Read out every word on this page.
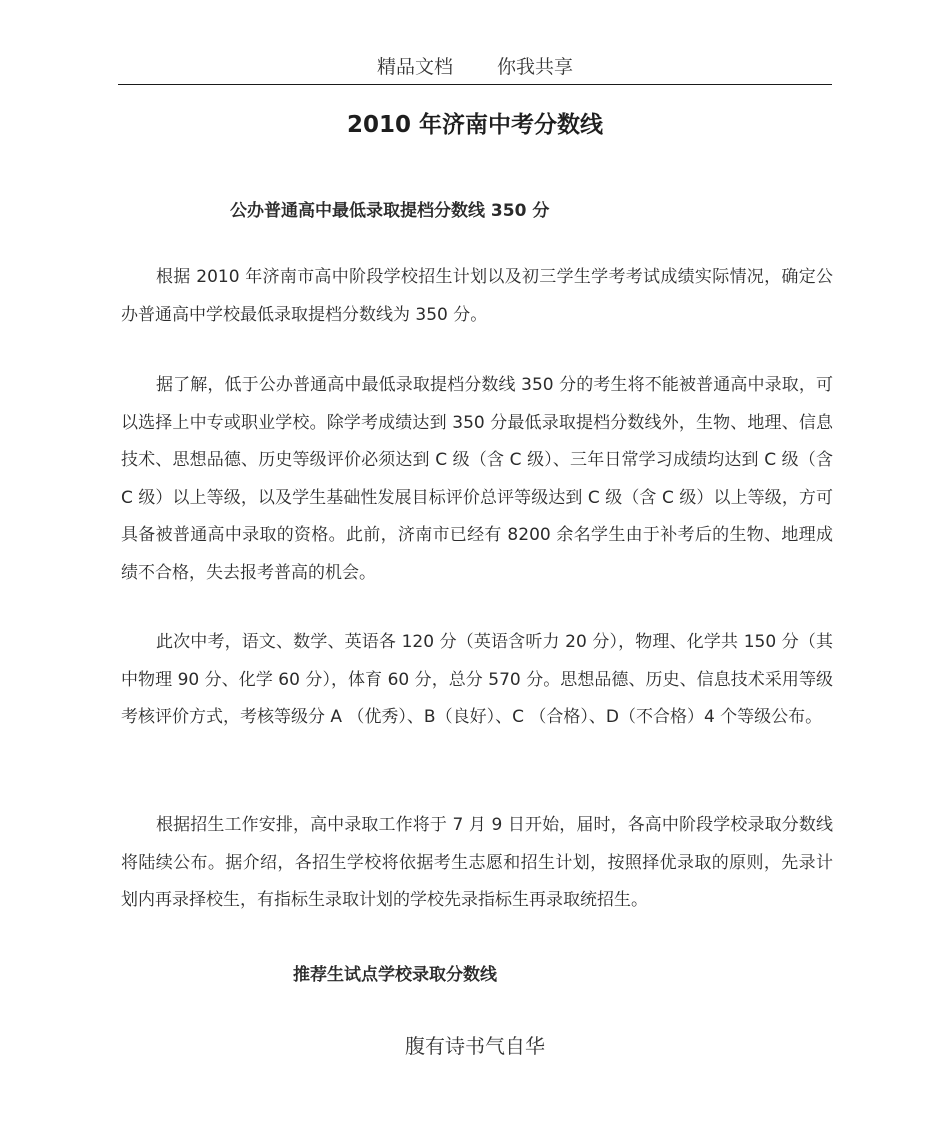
精品文档 你我共享
2010 年济南中考分数线
公办普通高中最低录取提档分数线 350 分

根据 2010 年济南市高中阶段学校招生计划以及初三学生学考考试成绩实际情况，确定公办普通高中学校最低录取提档分数线为 350 分。

据了解，低于公办普通高中最低录取提档分数线 350 分的考生将不能被普通高中录取，可以选择上中专或职业学校。除学考成绩达到 350 分最低录取提档分数线外，生物、地理、信息技术、思想品德、历史等级评价必须达到 C 级（含 C 级）、三年日常学习成绩均达到 C 级（含 C 级）以上等级，以及学生基础性发展目标评价总评等级达到 C 级（含 C 级）以上等级，方可具备被普通高中录取的资格。此前，济南市已经有 8200 余名学生由于补考后的生物、地理成绩不合格，失去报考普高的机会。

此次中考，语文、数学、英语各 120 分（英语含听力 20 分），物理、化学共 150 分（其中物理 90 分、化学 60 分），体育 60 分，总分 570 分。思想品德、历史、信息技术采用等级考核评价方式，考核等级分 A （优秀）、B（良好）、C （合格）、D（不合格）4 个等级公布。

根据招生工作安排，高中录取工作将于 7 月 9 日开始，届时，各高中阶段学校录取分数线将陆续公布。据介绍，各招生学校将依据考生志愿和招生计划，按照择优录取的原则，先录计划内再录择校生，有指标生录取计划的学校先录指标生再录取统招生。

推荐生试点学校录取分数线
腹有诗书气自华
